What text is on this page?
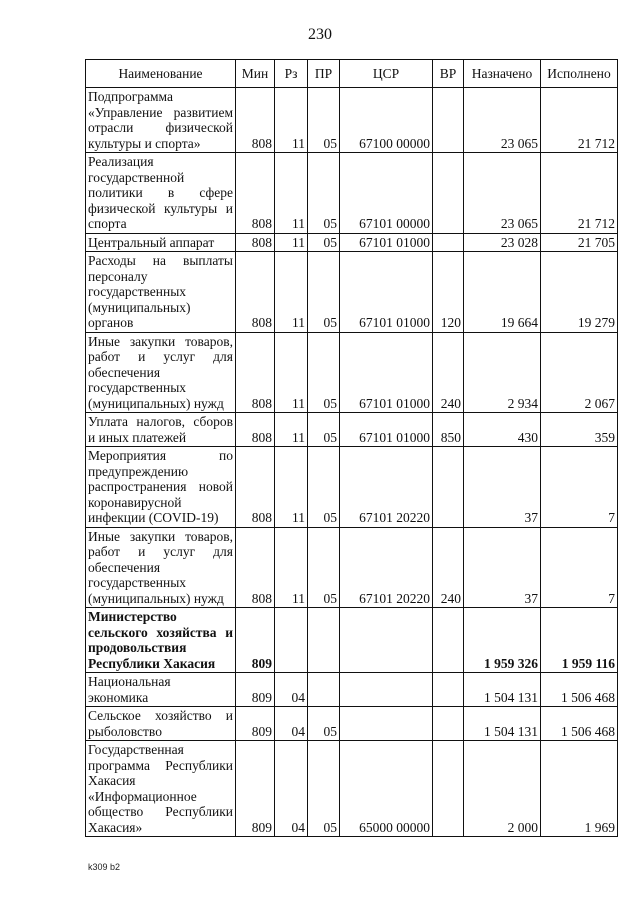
230
Наименование	Мин	Рз	ПР	ЦСР	ВР	Назначено	Исполнено
Подпрограмма «Управление развитием отрасли физической культуры и спорта»	808	11	05	67100 00000		23 065	21 712
Реализация государственной политики в сфере физической культуры и спорта	808	11	05	67101 00000		23 065	21 712
Центральный аппарат	808	11	05	67101 01000		23 028	21 705
Расходы на выплаты персоналу государственных (муниципальных) органов	808	11	05	67101 01000	120	19 664	19 279
Иные закупки товаров, работ и услуг для обеспечения государственных (муниципальных) нужд	808	11	05	67101 01000	240	2 934	2 067
Уплата налогов, сборов и иных платежей	808	11	05	67101 01000	850	430	359
Мероприятия по предупреждению распространения новой коронавирусной инфекции (COVID-19)	808	11	05	67101 20220		37	7
Иные закупки товаров, работ и услуг для обеспечения государственных (муниципальных) нужд	808	11	05	67101 20220	240	37	7
Министерство сельского хозяйства и продовольствия Республики Хакасия	809					1 959 326	1 959 116
Национальная экономика	809	04				1 504 131	1 506 468
Сельское хозяйство и рыболовство	809	04	05			1 504 131	1 506 468
Государственная программа Республики Хакасия «Информационное общество Республики Хакасия»	809	04	05	65000 00000		2 000	1 969
k309 b2
